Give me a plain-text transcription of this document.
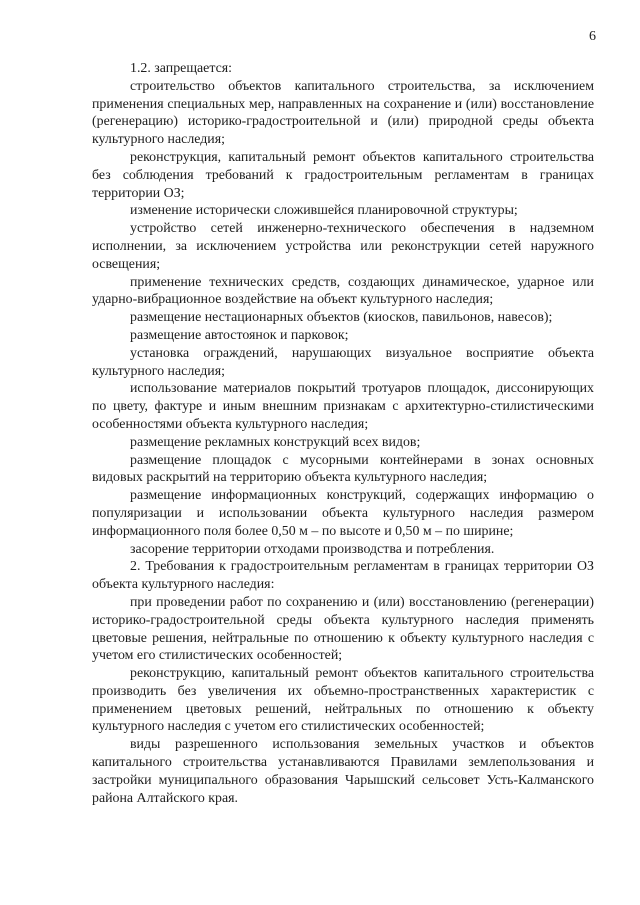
6

1.2. запрещается:

строительство объектов капитального строительства, за исключением применения специальных мер, направленных на сохранение и (или) восстановление (регенерацию) историко-градостроительной и (или) природной среды объекта культурного наследия;

реконструкция, капитальный ремонт объектов капитального строительства без соблюдения требований к градостроительным регламентам в границах территории ОЗ;

изменение исторически сложившейся планировочной структуры;

устройство сетей инженерно-технического обеспечения в надземном исполнении, за исключением устройства или реконструкции сетей наружного освещения;

применение технических средств, создающих динамическое, ударное или ударно-вибрационное воздействие на объект культурного наследия;

размещение нестационарных объектов (киосков, павильонов, навесов);

размещение автостоянок и парковок;

установка ограждений, нарушающих визуальное восприятие объекта культурного наследия;

использование материалов покрытий тротуаров площадок, диссонирующих по цвету, фактуре и иным внешним признакам с архитектурно-стилистическими особенностями объекта культурного наследия;

размещение рекламных конструкций всех видов;

размещение площадок с мусорными контейнерами в зонах основных видовых раскрытий на территорию объекта культурного наследия;

размещение информационных конструкций, содержащих информацию о популяризации и использовании объекта культурного наследия размером информационного поля более 0,50 м – по высоте и 0,50 м – по ширине;

засорение территории отходами производства и потребления.

2. Требования к градостроительным регламентам в границах территории ОЗ объекта культурного наследия:

при проведении работ по сохранению и (или) восстановлению (регенерации) историко-градостроительной среды объекта культурного наследия применять цветовые решения, нейтральные по отношению к объекту культурного наследия с учетом его стилистических особенностей;

реконструкцию, капитальный ремонт объектов капитального строительства производить без увеличения их объемно-пространственных характеристик с применением цветовых решений, нейтральных по отношению к объекту культурного наследия с учетом его стилистических особенностей;

виды разрешенного использования земельных участков и объектов капитального строительства устанавливаются Правилами землепользования и застройки муниципального образования Чарышский сельсовет Усть-Калманского района Алтайского края.
